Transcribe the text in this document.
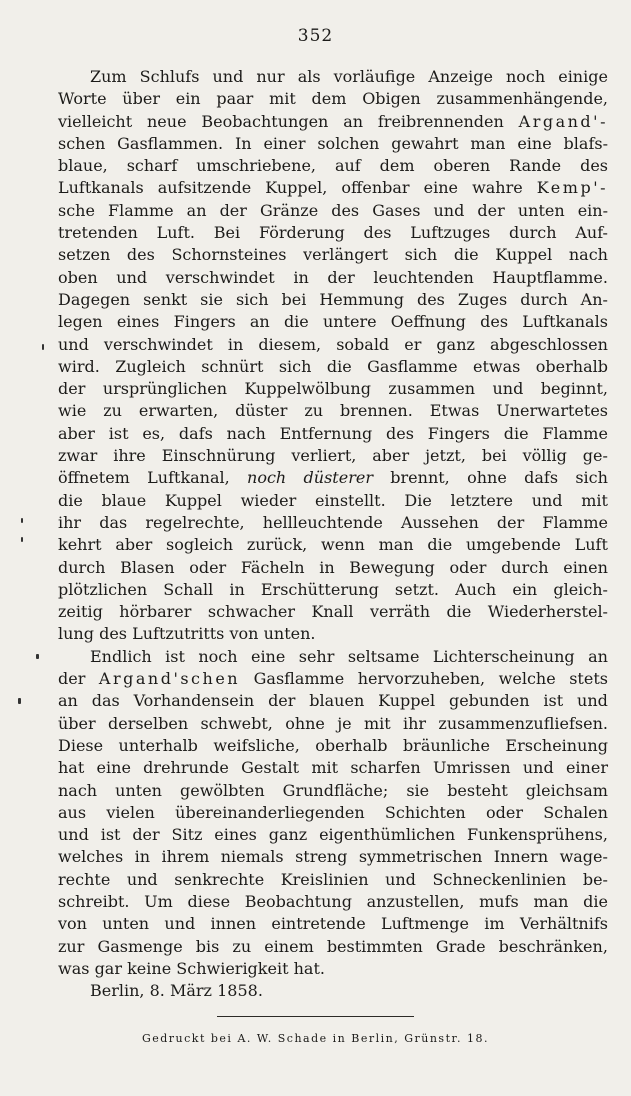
352
Zum Schlufs und nur als vorläufige Anzeige noch einige
Worte über ein paar mit dem Obigen zusammenhängende,
vielleicht neue Beobachtungen an freibrennenden Argand'-
schen Gasflammen. In einer solchen gewahrt man eine blafs-
blaue, scharf umschriebene, auf dem oberen Rande des
Luftkanals aufsitzende Kuppel, offenbar eine wahre Kemp'-
sche Flamme an der Gränze des Gases und der unten ein-
tretenden Luft. Bei Förderung des Luftzuges durch Auf-
setzen des Schornsteines verlängert sich die Kuppel nach
oben und verschwindet in der leuchtenden Hauptflamme.
Dagegen senkt sie sich bei Hemmung des Zuges durch An-
legen eines Fingers an die untere Oeffnung des Luftkanals
und verschwindet in diesem, sobald er ganz abgeschlossen
wird. Zugleich schnürt sich die Gasflamme etwas oberhalb
der ursprünglichen Kuppelwölbung zusammen und beginnt,
wie zu erwarten, düster zu brennen. Etwas Unerwartetes
aber ist es, dafs nach Entfernung des Fingers die Flamme
zwar ihre Einschnürung verliert, aber jetzt, bei völlig ge-
öffnetem Luftkanal, noch düsterer brennt, ohne dafs sich
die blaue Kuppel wieder einstellt. Die letztere und mit
ihr das regelrechte, hellleuchtende Aussehen der Flamme
kehrt aber sogleich zurück, wenn man die umgebende Luft
durch Blasen oder Fächeln in Bewegung oder durch einen
plötzlichen Schall in Erschütterung setzt. Auch ein gleich-
zeitig hörbarer schwacher Knall verräth die Wiederherstel-
lung des Luftzutritts von unten.
Endlich ist noch eine sehr seltsame Lichterscheinung an
der Argand'schen Gasflamme hervorzuheben, welche stets
an das Vorhandensein der blauen Kuppel gebunden ist und
über derselben schwebt, ohne je mit ihr zusammenzufliefsen.
Diese unterhalb weifsliche, oberhalb bräunliche Erscheinung
hat eine drehrunde Gestalt mit scharfen Umrissen und einer
nach unten gewölbten Grundfläche; sie besteht gleichsam
aus vielen übereinanderliegenden Schichten oder Schalen
und ist der Sitz eines ganz eigenthümlichen Funkensprühens,
welches in ihrem niemals streng symmetrischen Innern wage-
rechte und senkrechte Kreislinien und Schneckenlinien be-
schreibt. Um diese Beobachtung anzustellen, mufs man die
von unten und innen eintretende Luftmenge im Verhältnifs
zur Gasmenge bis zu einem bestimmten Grade beschränken,
was gar keine Schwierigkeit hat.
Berlin, 8. März 1858.
Gedruckt bei A. W. Schade in Berlin, Grünstr. 18.
